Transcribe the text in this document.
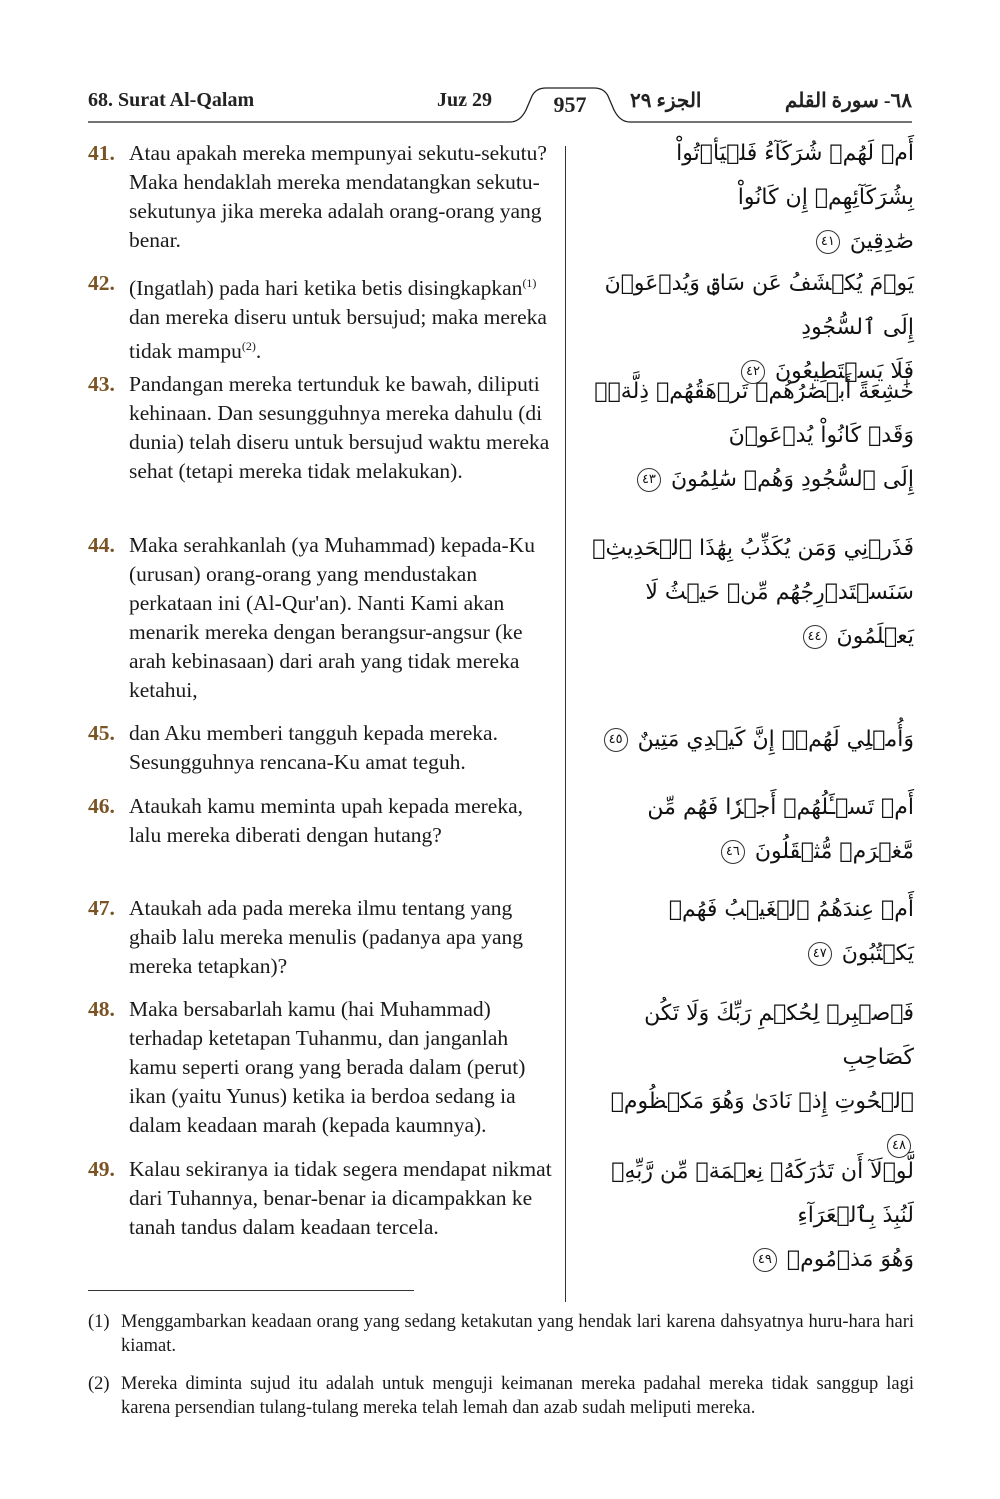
68. Surat Al-Qalam	Juz 29	957	الجزء ٢٩	٦٨- سورة القلم
41. Atau apakah mereka mempunyai sekutu-sekutu? Maka hendaklah mereka mendatangkan sekutu-sekutunya jika mereka adalah orang-orang yang benar.
أَمۡ لَهُمۡ شُرَكَآءُ فَلۡيَأۡتُواْ بِشُرَكَآئِهِمۡ إِن كَانُواْ
صَٰدِقِينَ ٤١
42. (Ingatlah) pada hari ketika betis disingkapkan$^{(1)}$ dan mereka diseru untuk bersujud; maka mereka tidak mampu$^{(2)}$.
يَوۡمَ يُكۡشَفُ عَن سَاقٖ وَيُدۡعَوۡنَ إِلَى ٱلسُّجُودِ
فَلَا يَسۡتَطِيعُونَ ٤٢
43. Pandangan mereka tertunduk ke bawah, diliputi kehinaan. Dan sesungguhnya mereka dahulu (di dunia) telah diseru untuk bersujud waktu mereka sehat (tetapi mereka tidak melakukan).
خَٰشِعَةً أَبۡصَٰرُهُمۡ تَرۡهَقُهُمۡ ذِلَّةٞۖ وَقَدۡ كَانُواْ يُدۡعَوۡنَ
إِلَى ٱلسُّجُودِ وَهُمۡ سَٰلِمُونَ ٤٣
44. Maka serahkanlah (ya Muhammad) kepada-Ku (urusan) orang-orang yang mendustakan perkataan ini (Al-Qur'an). Nanti Kami akan menarik mereka dengan berangsur-angsur (ke arah kebinasaan) dari arah yang tidak mereka ketahui,
فَذَرۡنِي وَمَن يُكَذِّبُ بِهَٰذَا ٱلۡحَدِيثِۖ
سَنَسۡتَدۡرِجُهُم مِّنۡ حَيۡثُ لَا يَعۡلَمُونَ ٤٤
45. dan Aku memberi tangguh kepada mereka. Sesungguhnya rencana-Ku amat teguh.
وَأُمۡلِي لَهُمۡۚ إِنَّ كَيۡدِي مَتِينٌ ٤٥
46. Ataukah kamu meminta upah kepada mereka, lalu mereka diberati dengan hutang?
أَمۡ تَسۡـَٔلُهُمۡ أَجۡرٗا فَهُم مِّن مَّغۡرَمٖ مُّثۡقَلُونَ ٤٦
47. Ataukah ada pada mereka ilmu tentang yang ghaib lalu mereka menulis (padanya apa yang mereka tetapkan)?
أَمۡ عِندَهُمُ ٱلۡغَيۡبُ فَهُمۡ يَكۡتُبُونَ ٤٧
48. Maka bersabarlah kamu (hai Muhammad) terhadap ketetapan Tuhanmu, dan janganlah kamu seperti orang yang berada dalam (perut) ikan (yaitu Yunus) ketika ia berdoa sedang ia dalam keadaan marah (kepada kaumnya).
فَٱصۡبِرۡ لِحُكۡمِ رَبِّكَ وَلَا تَكُن كَصَاحِبِ
ٱلۡحُوتِ إِذۡ نَادَىٰ وَهُوَ مَكۡظُومٞ ٤٨
49. Kalau sekiranya ia tidak segera mendapat nikmat dari Tuhannya, benar-benar ia dicampakkan ke tanah tandus dalam keadaan tercela.
لَّوۡلَآ أَن تَدَٰرَكَهُۥ نِعۡمَةٞ مِّن رَّبِّهِۦ لَنُبِذَ بِٱلۡعَرَآءِ
وَهُوَ مَذۡمُومٞ ٤٩
(1) Menggambarkan keadaan orang yang sedang ketakutan yang hendak lari karena dahsyatnya huru-hara hari kiamat.
(2) Mereka diminta sujud itu adalah untuk menguji keimanan mereka padahal mereka tidak sanggup lagi karena persendian tulang-tulang mereka telah lemah dan azab sudah meliputi mereka.
